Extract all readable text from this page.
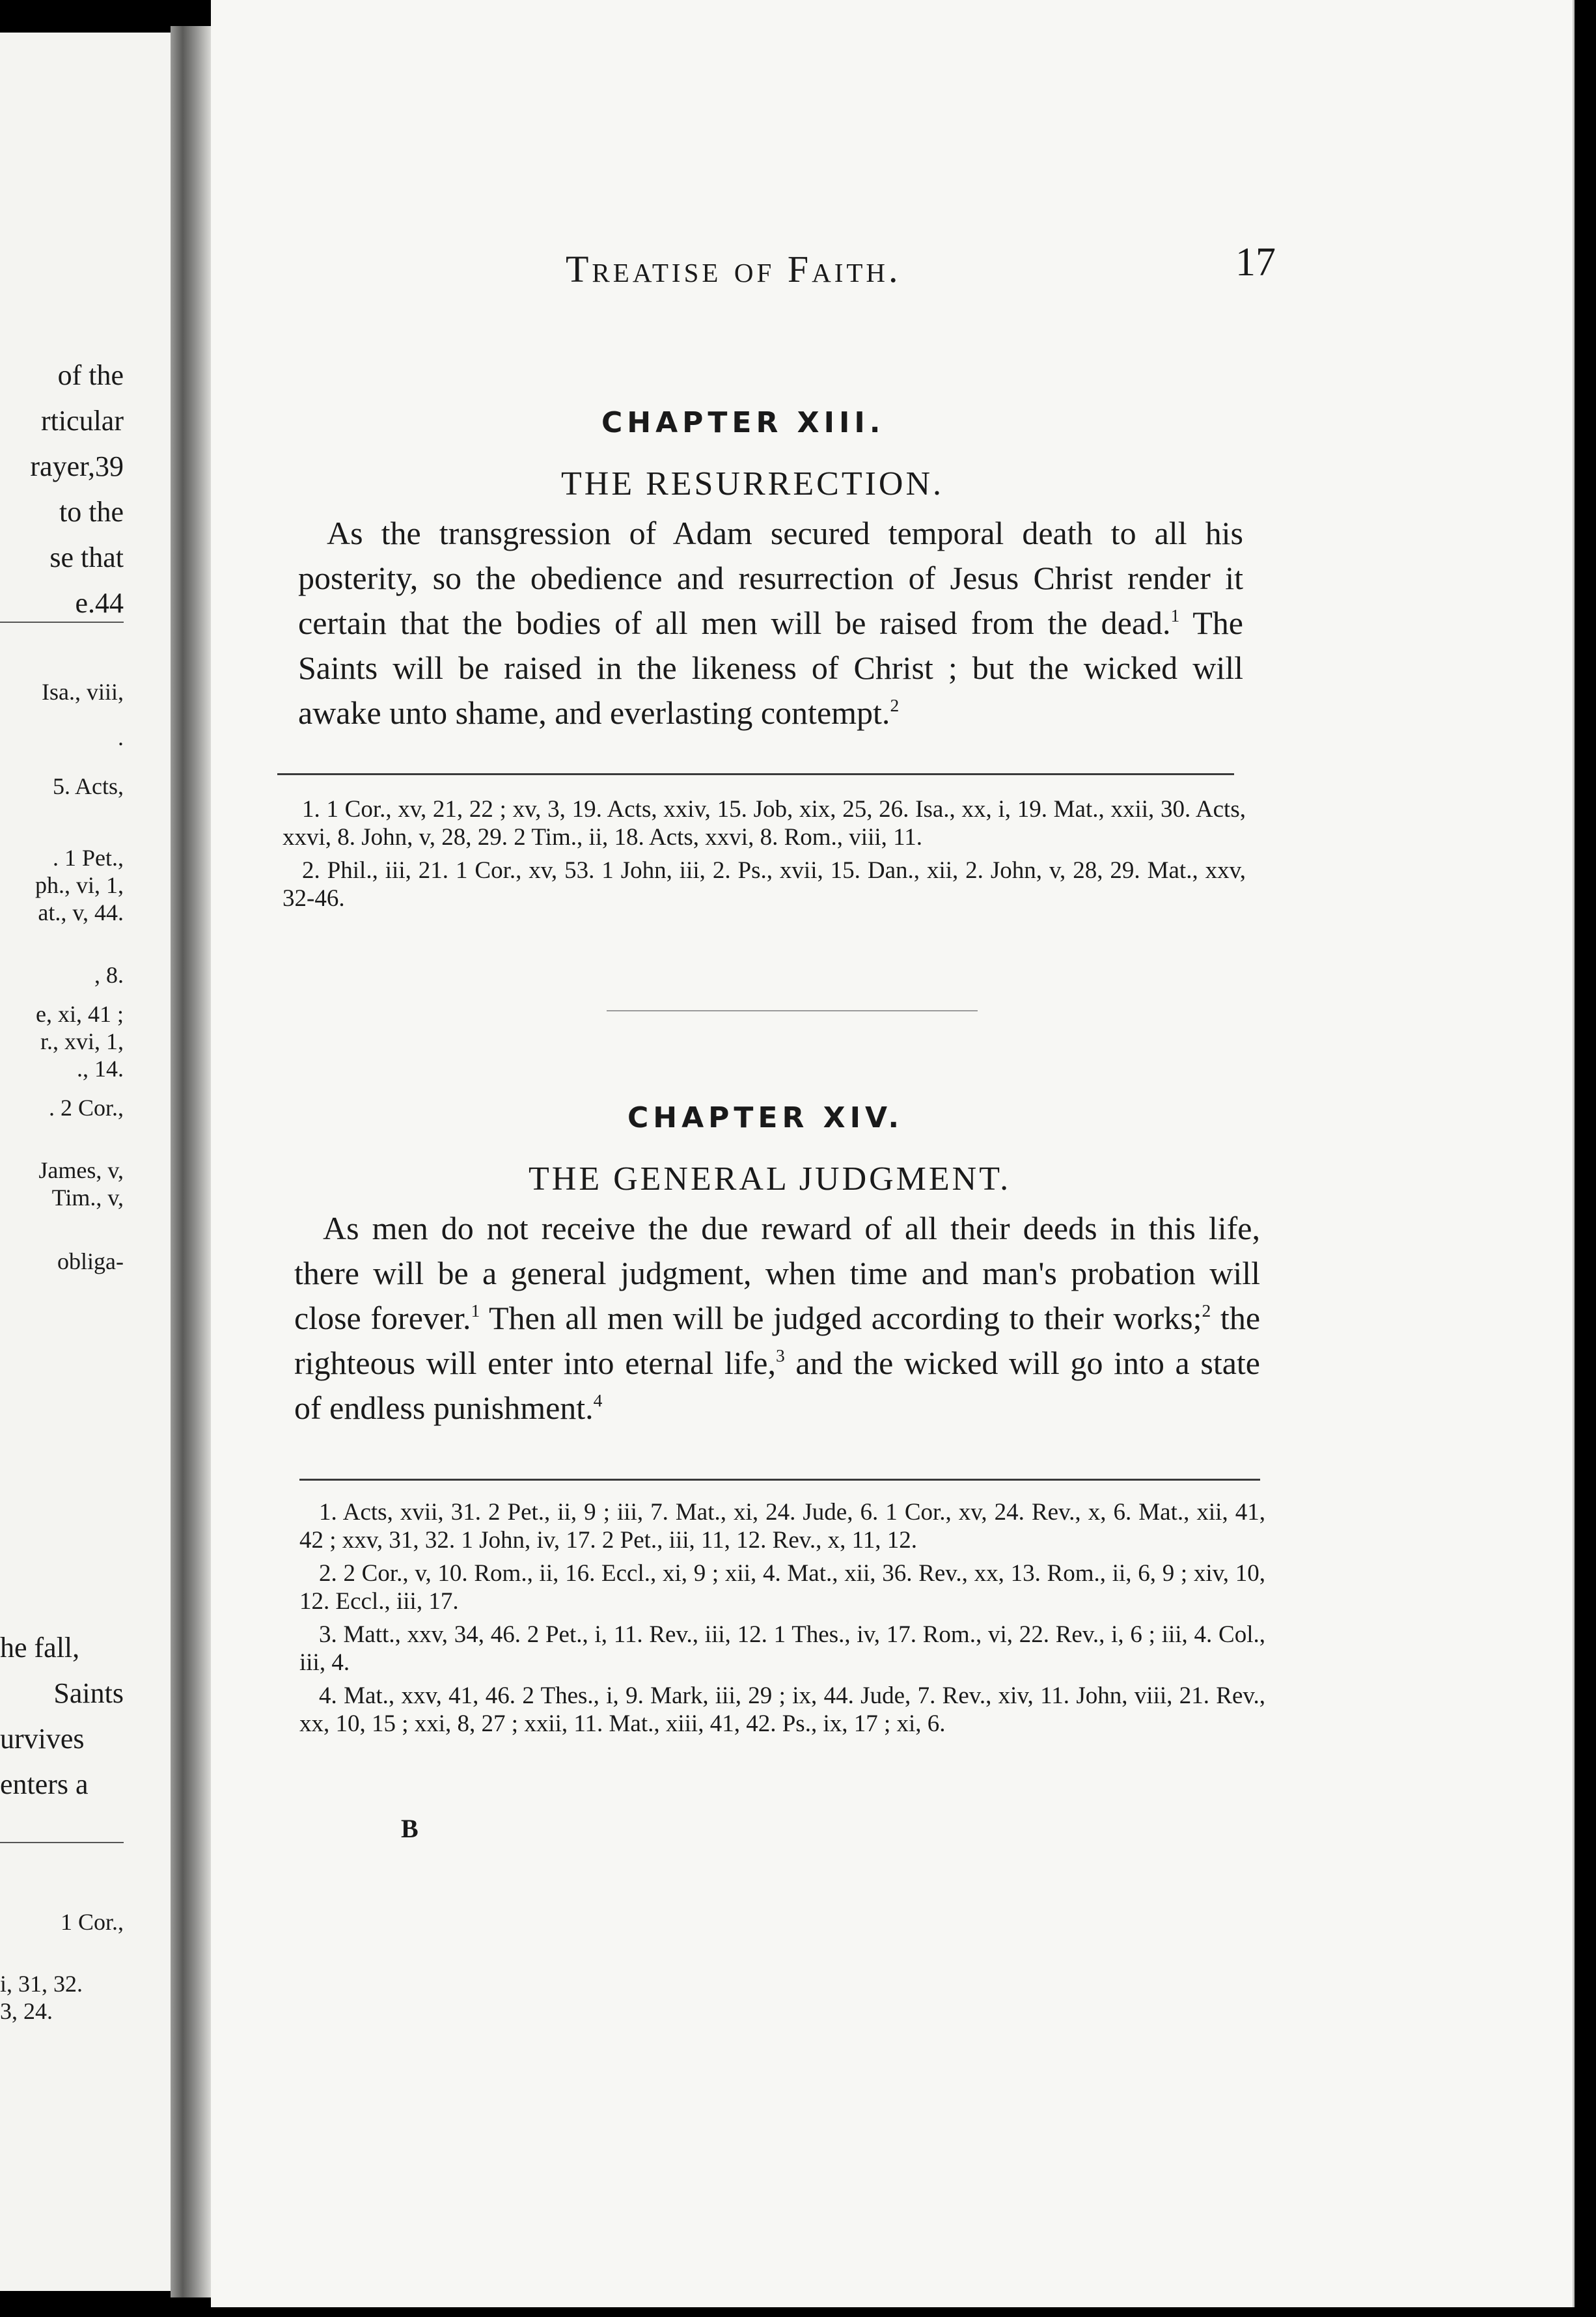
of the
rticular
rayer,39
to the
se that
e.44
Isa., viii,
.
5. Acts,
. 1 Pet.,
ph., vi, 1,
at., v, 44.
, 8.
e, xi, 41 ;
r., xvi, 1,
., 14.
. 2 Cor.,
James, v,
Tim., v,
obliga-
he fall,
Saints
urvives
enters a
1 Cor.,
i, 31, 32.
3, 24.
Treatise of Faith.	17
CHAPTER XIII.
THE RESURRECTION.

As the transgression of Adam secured temporal death to all his posterity, so the obedience and resurrection of Jesus Christ render it certain that the bodies of all men will be raised from the dead.$^1$ The Saints will be raised in the likeness of Christ ; but the wicked will awake unto shame, and everlasting contempt.$^2$

1. 1 Cor., xv, 21, 22 ; xv, 3, 19. Acts, xxiv, 15. Job, xix, 25, 26. Isa., xx, i, 19. Mat., xxii, 30. Acts, xxvi, 8. John, v, 28, 29. 2 Tim., ii, 18. Acts, xxvi, 8. Rom., viii, 11.

2. Phil., iii, 21. 1 Cor., xv, 53. 1 John, iii, 2. Ps., xvii, 15. Dan., xii, 2. John, v, 28, 29. Mat., xxv, 32-46.

CHAPTER XIV.
THE GENERAL JUDGMENT.

As men do not receive the due reward of all their deeds in this life, there will be a general judgment, when time and man's probation will close forever.$^1$ Then all men will be judged according to their works;$^2$ the righteous will enter into eternal life,$^3$ and the wicked will go into a state of endless punishment.$^4$

1. Acts, xvii, 31. 2 Pet., ii, 9 ; iii, 7. Mat., xi, 24. Jude, 6. 1 Cor., xv, 24. Rev., x, 6. Mat., xii, 41, 42 ; xxv, 31, 32. 1 John, iv, 17. 2 Pet., iii, 11, 12. Rev., x, 11, 12.

2. 2 Cor., v, 10. Rom., ii, 16. Eccl., xi, 9 ; xii, 4. Mat., xii, 36. Rev., xx, 13. Rom., ii, 6, 9 ; xiv, 10, 12. Eccl., iii, 17.

3. Matt., xxv, 34, 46. 2 Pet., i, 11. Rev., iii, 12. 1 Thes., iv, 17. Rom., vi, 22. Rev., i, 6 ; iii, 4. Col., iii, 4.

4. Mat., xxv, 41, 46. 2 Thes., i, 9. Mark, iii, 29 ; ix, 44. Jude, 7. Rev., xiv, 11. John, viii, 21. Rev., xx, 10, 15 ; xxi, 8, 27 ; xxii, 11. Mat., xiii, 41, 42. Ps., ix, 17 ; xi, 6.

B
